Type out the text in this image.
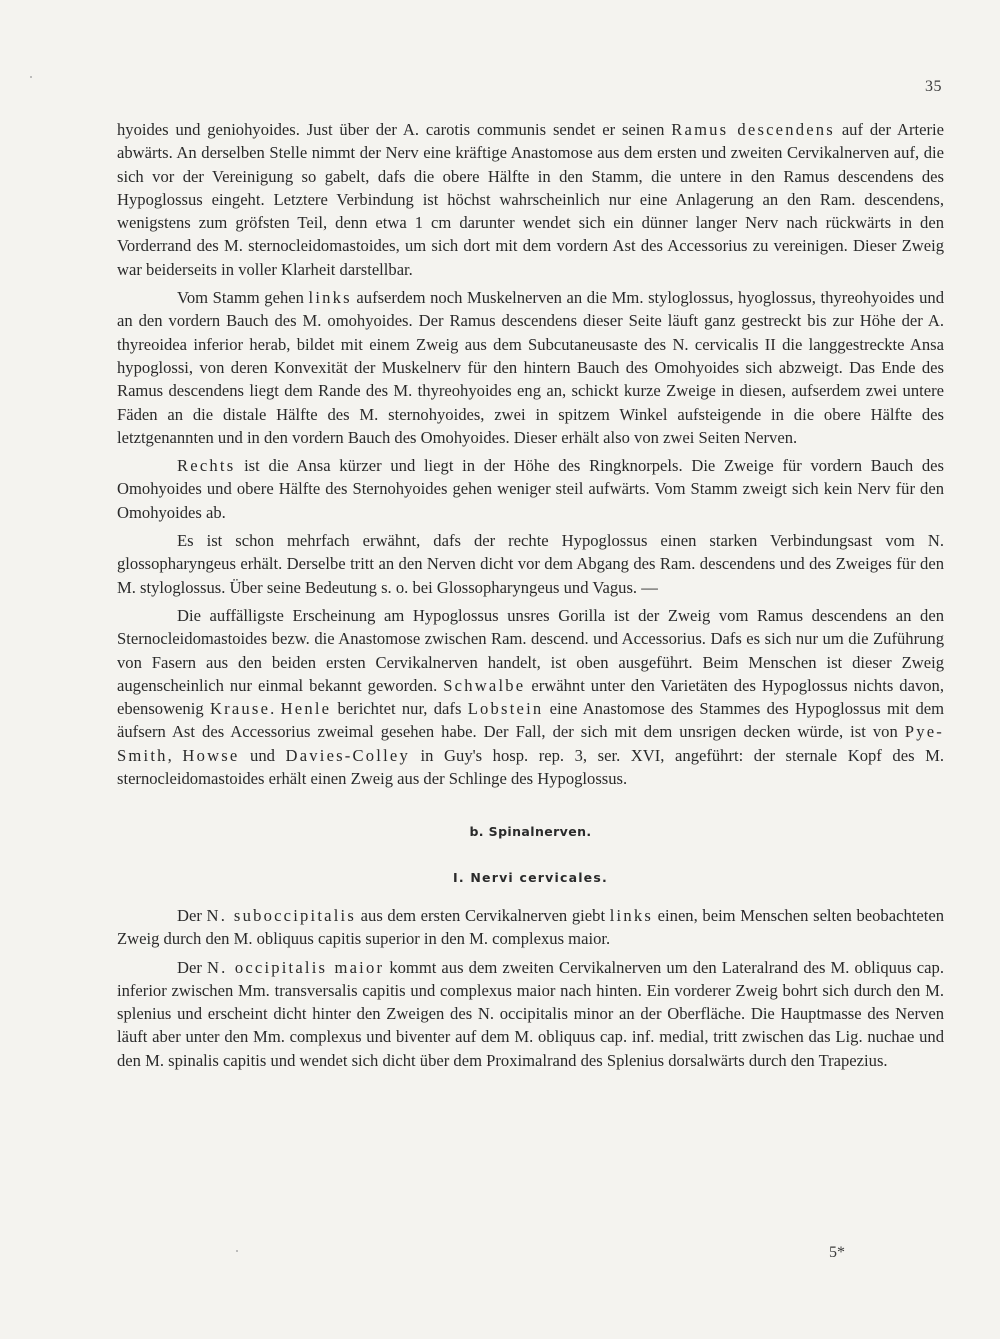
35

hyoides und geniohyoides. Just über der A. carotis communis sendet er seinen Ramus descendens auf der Arterie abwärts. An derselben Stelle nimmt der Nerv eine kräftige Anastomose aus dem ersten und zweiten Cervikalnerven auf, die sich vor der Vereinigung so gabelt, dafs die obere Hälfte in den Stamm, die untere in den Ramus descendens des Hypoglossus eingeht. Letztere Verbindung ist höchst wahrscheinlich nur eine Anlagerung an den Ram. descendens, wenigstens zum gröfsten Teil, denn etwa 1 cm darunter wendet sich ein dünner langer Nerv nach rückwärts in den Vorderrand des M. sternocleidomastoides, um sich dort mit dem vordern Ast des Accessorius zu vereinigen. Dieser Zweig war beiderseits in voller Klarheit darstellbar.

Vom Stamm gehen links aufserdem noch Muskelnerven an die Mm. styloglossus, hyoglossus, thyreohyoides und an den vordern Bauch des M. omohyoides. Der Ramus descendens dieser Seite läuft ganz gestreckt bis zur Höhe der A. thyreoidea inferior herab, bildet mit einem Zweig aus dem Subcutaneusaste des N. cervicalis II die langgestreckte Ansa hypoglossi, von deren Konvexität der Muskelnerv für den hintern Bauch des Omohyoides sich abzweigt. Das Ende des Ramus descendens liegt dem Rande des M. thyreohyoides eng an, schickt kurze Zweige in diesen, aufserdem zwei untere Fäden an die distale Hälfte des M. sternohyoides, zwei in spitzem Winkel aufsteigende in die obere Hälfte des letztgenannten und in den vordern Bauch des Omohyoides. Dieser erhält also von zwei Seiten Nerven.

Rechts ist die Ansa kürzer und liegt in der Höhe des Ringknorpels. Die Zweige für vordern Bauch des Omohyoides und obere Hälfte des Sternohyoides gehen weniger steil aufwärts. Vom Stamm zweigt sich kein Nerv für den Omohyoides ab.

Es ist schon mehrfach erwähnt, dafs der rechte Hypoglossus einen starken Verbindungsast vom N. glossopharyngeus erhält. Derselbe tritt an den Nerven dicht vor dem Abgang des Ram. descendens und des Zweiges für den M. styloglossus. Über seine Bedeutung s. o. bei Glossopharyngeus und Vagus. —

Die auffälligste Erscheinung am Hypoglossus unsres Gorilla ist der Zweig vom Ramus descendens an den Sternocleidomastoides bezw. die Anastomose zwischen Ram. descend. und Accessorius. Dafs es sich nur um die Zuführung von Fasern aus den beiden ersten Cervikalnerven handelt, ist oben ausgeführt. Beim Menschen ist dieser Zweig augenscheinlich nur einmal bekannt geworden. Schwalbe erwähnt unter den Varietäten des Hypoglossus nichts davon, ebensowenig Krause. Henle berichtet nur, dafs Lobstein eine Anastomose des Stammes des Hypoglossus mit dem äufsern Ast des Accessorius zweimal gesehen habe. Der Fall, der sich mit dem unsrigen decken würde, ist von Pye-Smith, Howse und Davies-Colley in Guy's hosp. rep. 3, ser. XVI, angeführt: der sternale Kopf des M. sternocleidomastoides erhält einen Zweig aus der Schlinge des Hypoglossus.

b. Spinalnerven.

I. Nervi cervicales.

Der N. suboccipitalis aus dem ersten Cervikalnerven giebt links einen, beim Menschen selten beobachteten Zweig durch den M. obliquus capitis superior in den M. complexus maior.

Der N. occipitalis maior kommt aus dem zweiten Cervikalnerven um den Lateralrand des M. obliquus cap. inferior zwischen Mm. transversalis capitis und complexus maior nach hinten. Ein vorderer Zweig bohrt sich durch den M. splenius und erscheint dicht hinter den Zweigen des N. occipitalis minor an der Oberfläche. Die Hauptmasse des Nerven läuft aber unter den Mm. complexus und biventer auf dem M. obliquus cap. inf. medial, tritt zwischen das Lig. nuchae und den M. spinalis capitis und wendet sich dicht über dem Proximalrand des Splenius dorsalwärts durch den Trapezius.

5*
